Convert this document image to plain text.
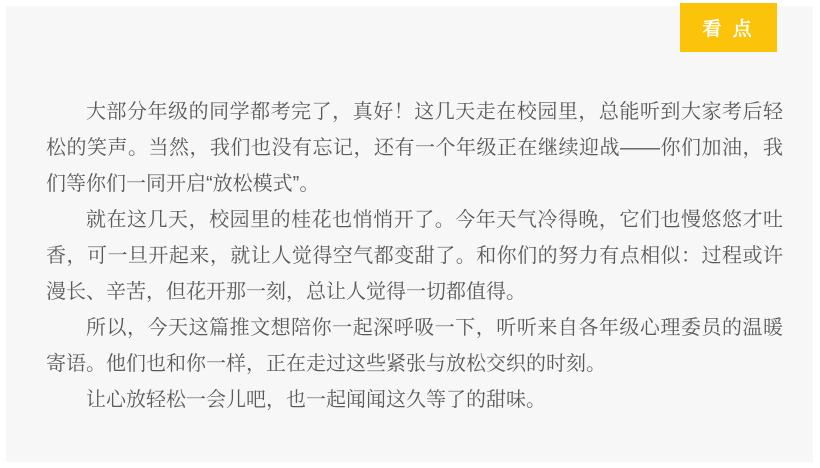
看 点

大部分年级的同学都考完了，真好！这几天走在校园里，总能听到大家考后轻松的笑声。当然，我们也没有忘记，还有一个年级正在继续迎战——你们加油，我们等你们一同开启“放松模式”。

就在这几天，校园里的桂花也悄悄开了。今年天气冷得晚，它们也慢悠悠才吐香，可一旦开起来，就让人觉得空气都变甜了。和你们的努力有点相似：过程或许漫长、辛苦，但花开那一刻，总让人觉得一切都值得。

所以，今天这篇推文想陪你一起深呼吸一下，听听来自各年级心理委员的温暖寄语。他们也和你一样，正在走过这些紧张与放松交织的时刻。

让心放轻松一会儿吧，也一起闻闻这久等了的甜味。
